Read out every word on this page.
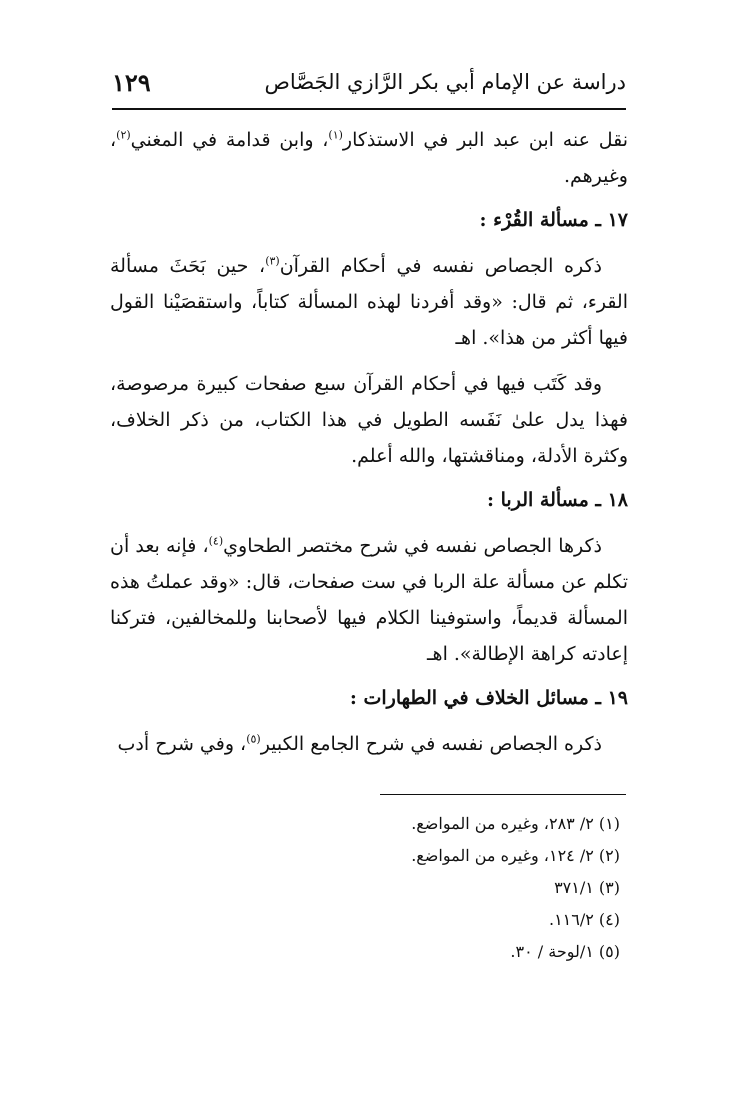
دراسة عن الإمام أبي بكر الرَّازي الجَصَّاص
١٢٩

نقل عنه ابن عبد البر في الاستذكار$^{(١)}$، وابن قدامة في المغني$^{(٢)}$، وغيرهم.

١٧ ـ مسألة القُرْء :

ذكره الجصاص نفسه في أحكام القرآن$^{(٣)}$، حين بَحَثَ مسألة القرء، ثم قال: «وقد أفردنا لهذه المسألة كتاباً، واستقصَيْنا القول فيها أكثر من هذا». اهـ

وقد كَتَب فيها في أحكام القرآن سبع صفحات كبيرة مرصوصة، فهذا يدل علىٰ نَفَسه الطويل في هذا الكتاب، من ذكر الخلاف، وكثرة الأدلة، ومناقشتها، والله أعلم.

١٨ ـ مسألة الربا :

ذكرها الجصاص نفسه في شرح مختصر الطحاوي$^{(٤)}$، فإنه بعد أن تكلم عن مسألة علة الربا في ست صفحات، قال: «وقد عملتُ هذه المسألة قديماً، واستوفينا الكلام فيها لأصحابنا وللمخالفين، فتركنا إعادته كراهة الإطالة». اهـ

١٩ ـ مسائل الخلاف في الطهارات :

ذكره الجصاص نفسه في شرح الجامع الكبير$^{(٥)}$، وفي شرح أدب

(١) ٢/ ٢٨٣، وغيره من المواضع.
(٢) ٢/ ١٢٤، وغيره من المواضع.
(٣) ٣٧١/١
(٤) ١١٦/٢.
(٥) ١/لوحة / ٣٠.
